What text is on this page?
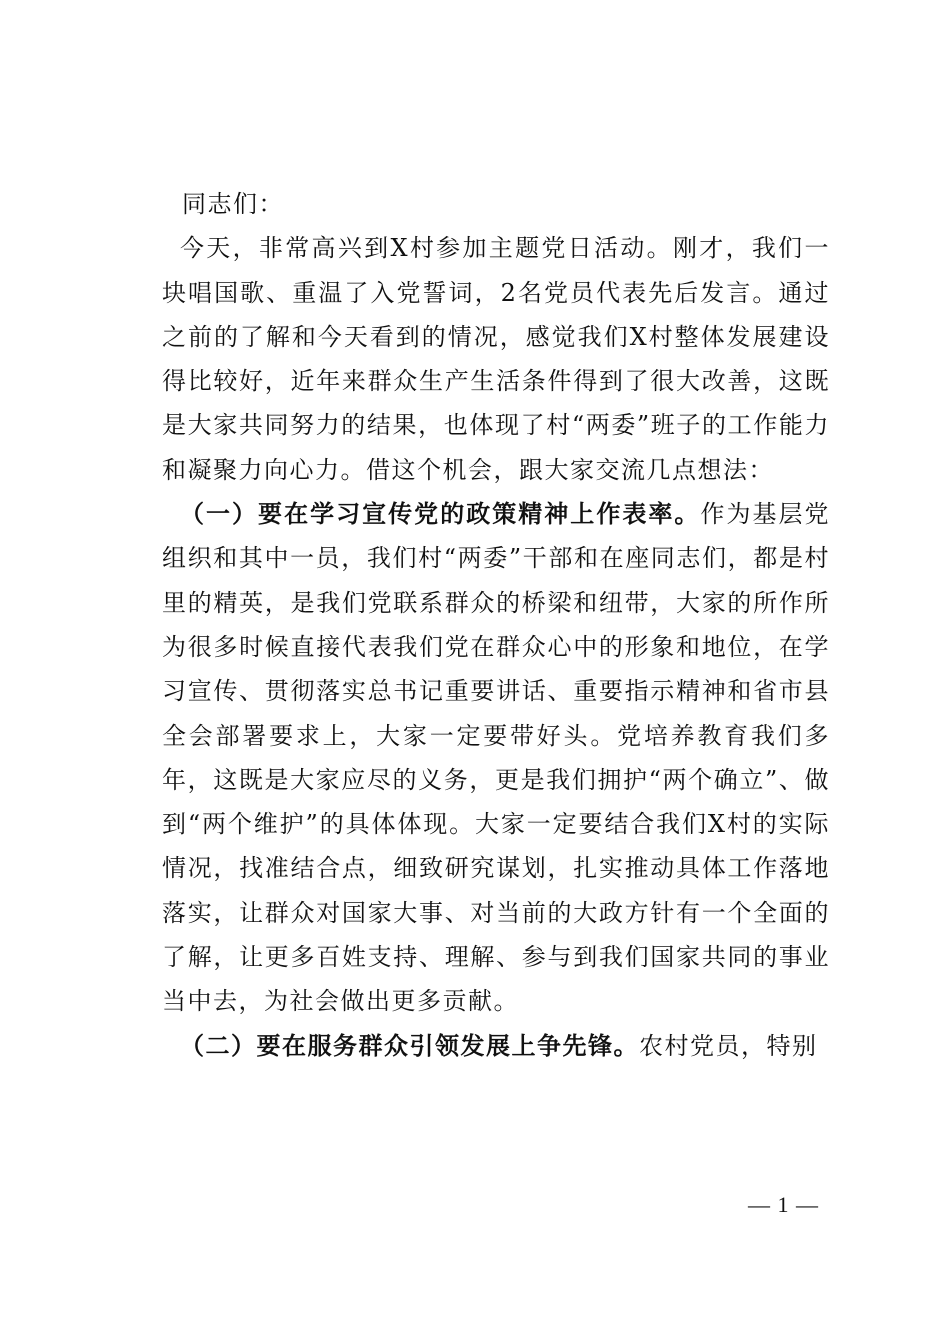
同志们：

今天，非常高兴到X村参加主题党日活动。刚才，我们一块唱国歌、重温了入党誓词，2名党员代表先后发言。通过之前的了解和今天看到的情况，感觉我们X村整体发展建设得比较好，近年来群众生产生活条件得到了很大改善，这既是大家共同努力的结果，也体现了村“两委”班子的工作能力和凝聚力向心力。借这个机会，跟大家交流几点想法：

（一）要在学习宣传党的政策精神上作表率。作为基层党组织和其中一员，我们村“两委”干部和在座同志们，都是村里的精英，是我们党联系群众的桥梁和纽带，大家的所作所为很多时候直接代表我们党在群众心中的形象和地位，在学习宣传、贯彻落实总书记重要讲话、重要指示精神和省市县全会部署要求上，大家一定要带好头。党培养教育我们多年，这既是大家应尽的义务，更是我们拥护“两个确立”、做到“两个维护”的具体体现。大家一定要结合我们X村的实际情况，找准结合点，细致研究谋划，扎实推动具体工作落地落实，让群众对国家大事、对当前的大政方针有一个全面的了解，让更多百姓支持、理解、参与到我们国家共同的事业当中去，为社会做出更多贡献。

（二）要在服务群众引领发展上争先锋。农村党员，特别

— 1 —
